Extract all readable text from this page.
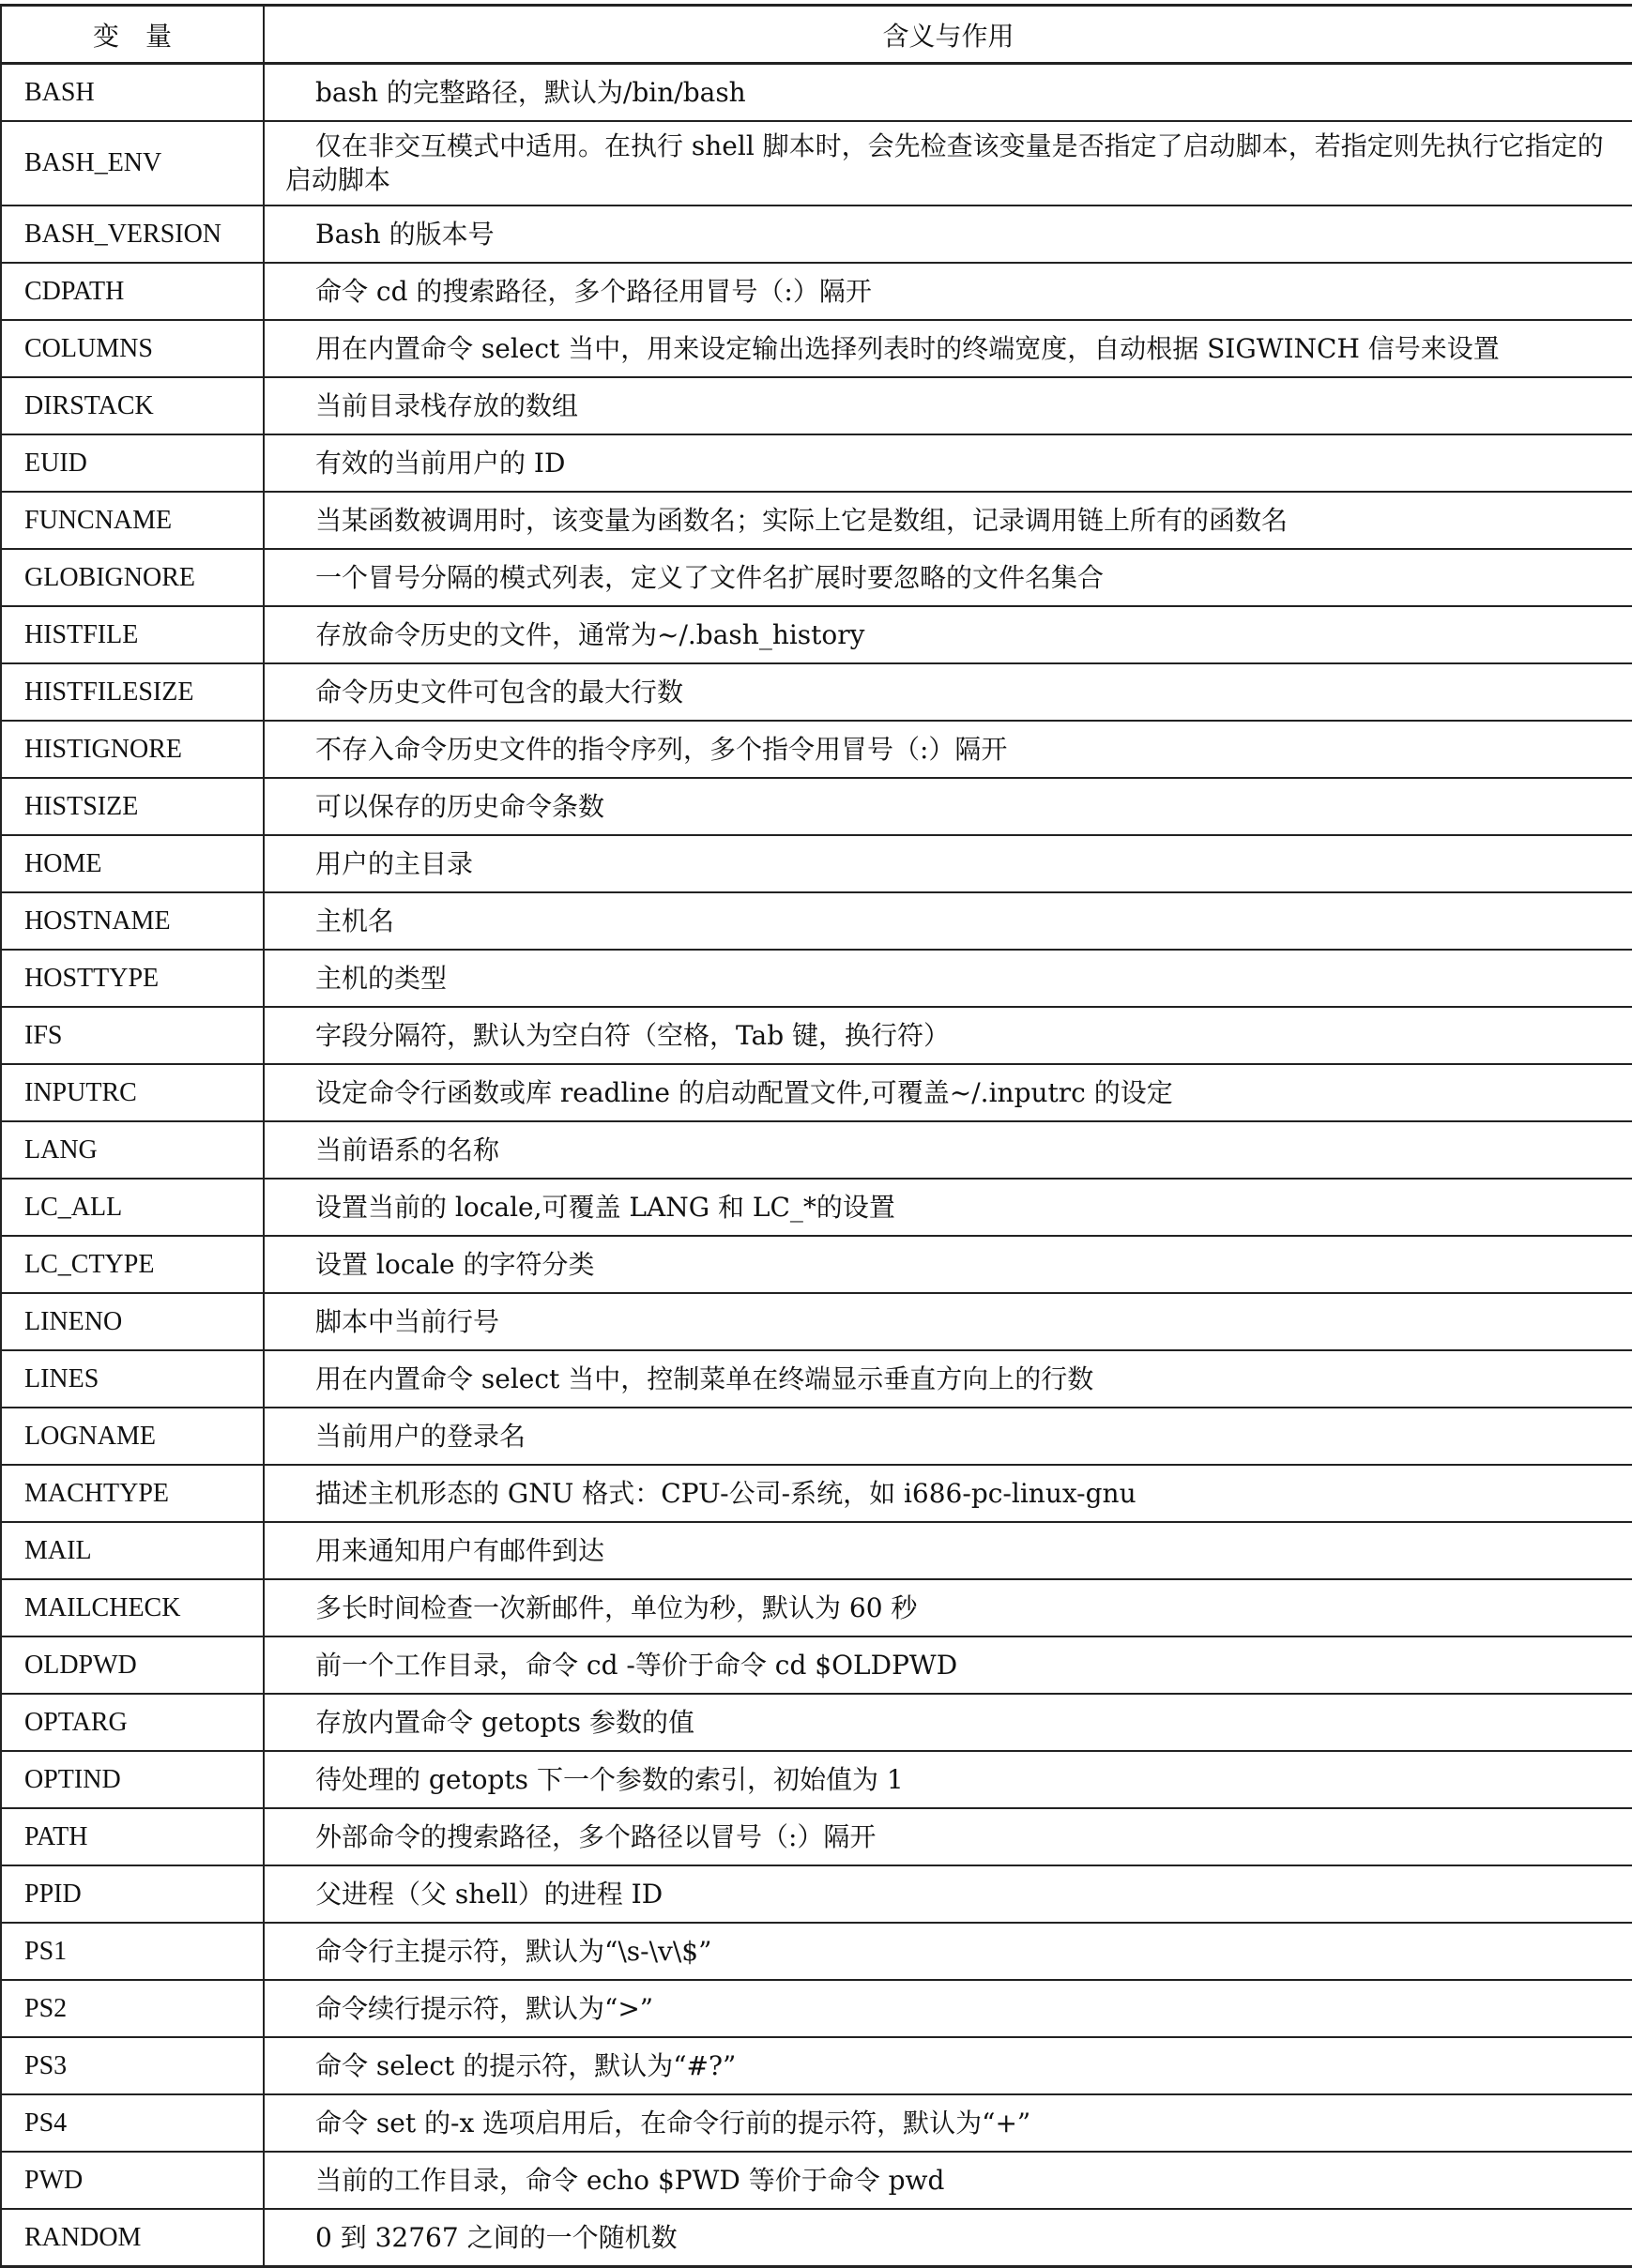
变　量	含义与作用
BASH	bash 的完整路径，默认为/bin/bash
BASH_ENV	仅在非交互模式中适用。在执行 shell 脚本时，会先检查该变量是否指定了启动脚本，若指定则先执行它指定的启动脚本
BASH_VERSION	Bash 的版本号
CDPATH	命令 cd 的搜索路径，多个路径用冒号（:）隔开
COLUMNS	用在内置命令 select 当中，用来设定输出选择列表时的终端宽度，自动根据 SIGWINCH 信号来设置
DIRSTACK	当前目录栈存放的数组
EUID	有效的当前用户的 ID
FUNCNAME	当某函数被调用时，该变量为函数名；实际上它是数组，记录调用链上所有的函数名
GLOBIGNORE	一个冒号分隔的模式列表，定义了文件名扩展时要忽略的文件名集合
HISTFILE	存放命令历史的文件，通常为~/.bash_history
HISTFILESIZE	命令历史文件可包含的最大行数
HISTIGNORE	不存入命令历史文件的指令序列，多个指令用冒号（:）隔开
HISTSIZE	可以保存的历史命令条数
HOME	用户的主目录
HOSTNAME	主机名
HOSTTYPE	主机的类型
IFS	字段分隔符，默认为空白符（空格，Tab 键，换行符）
INPUTRC	设定命令行函数或库 readline 的启动配置文件,可覆盖~/.inputrc 的设定
LANG	当前语系的名称
LC_ALL	设置当前的 locale,可覆盖 LANG 和 LC_*的设置
LC_CTYPE	设置 locale 的字符分类
LINENO	脚本中当前行号
LINES	用在内置命令 select 当中，控制菜单在终端显示垂直方向上的行数
LOGNAME	当前用户的登录名
MACHTYPE	描述主机形态的 GNU 格式：CPU-公司-系统，如 i686-pc-linux-gnu
MAIL	用来通知用户有邮件到达
MAILCHECK	多长时间检查一次新邮件，单位为秒，默认为 60 秒
OLDPWD	前一个工作目录，命令 cd -等价于命令 cd $OLDPWD
OPTARG	存放内置命令 getopts 参数的值
OPTIND	待处理的 getopts 下一个参数的索引，初始值为 1
PATH	外部命令的搜索路径，多个路径以冒号（:）隔开
PPID	父进程（父 shell）的进程 ID
PS1	命令行主提示符，默认为“\s-\v\$”
PS2	命令续行提示符，默认为“>”
PS3	命令 select 的提示符，默认为“#?”
PS4	命令 set 的-x 选项启用后，在命令行前的提示符，默认为“+”
PWD	当前的工作目录，命令 echo $PWD 等价于命令 pwd
RANDOM	0 到 32767 之间的一个随机数
